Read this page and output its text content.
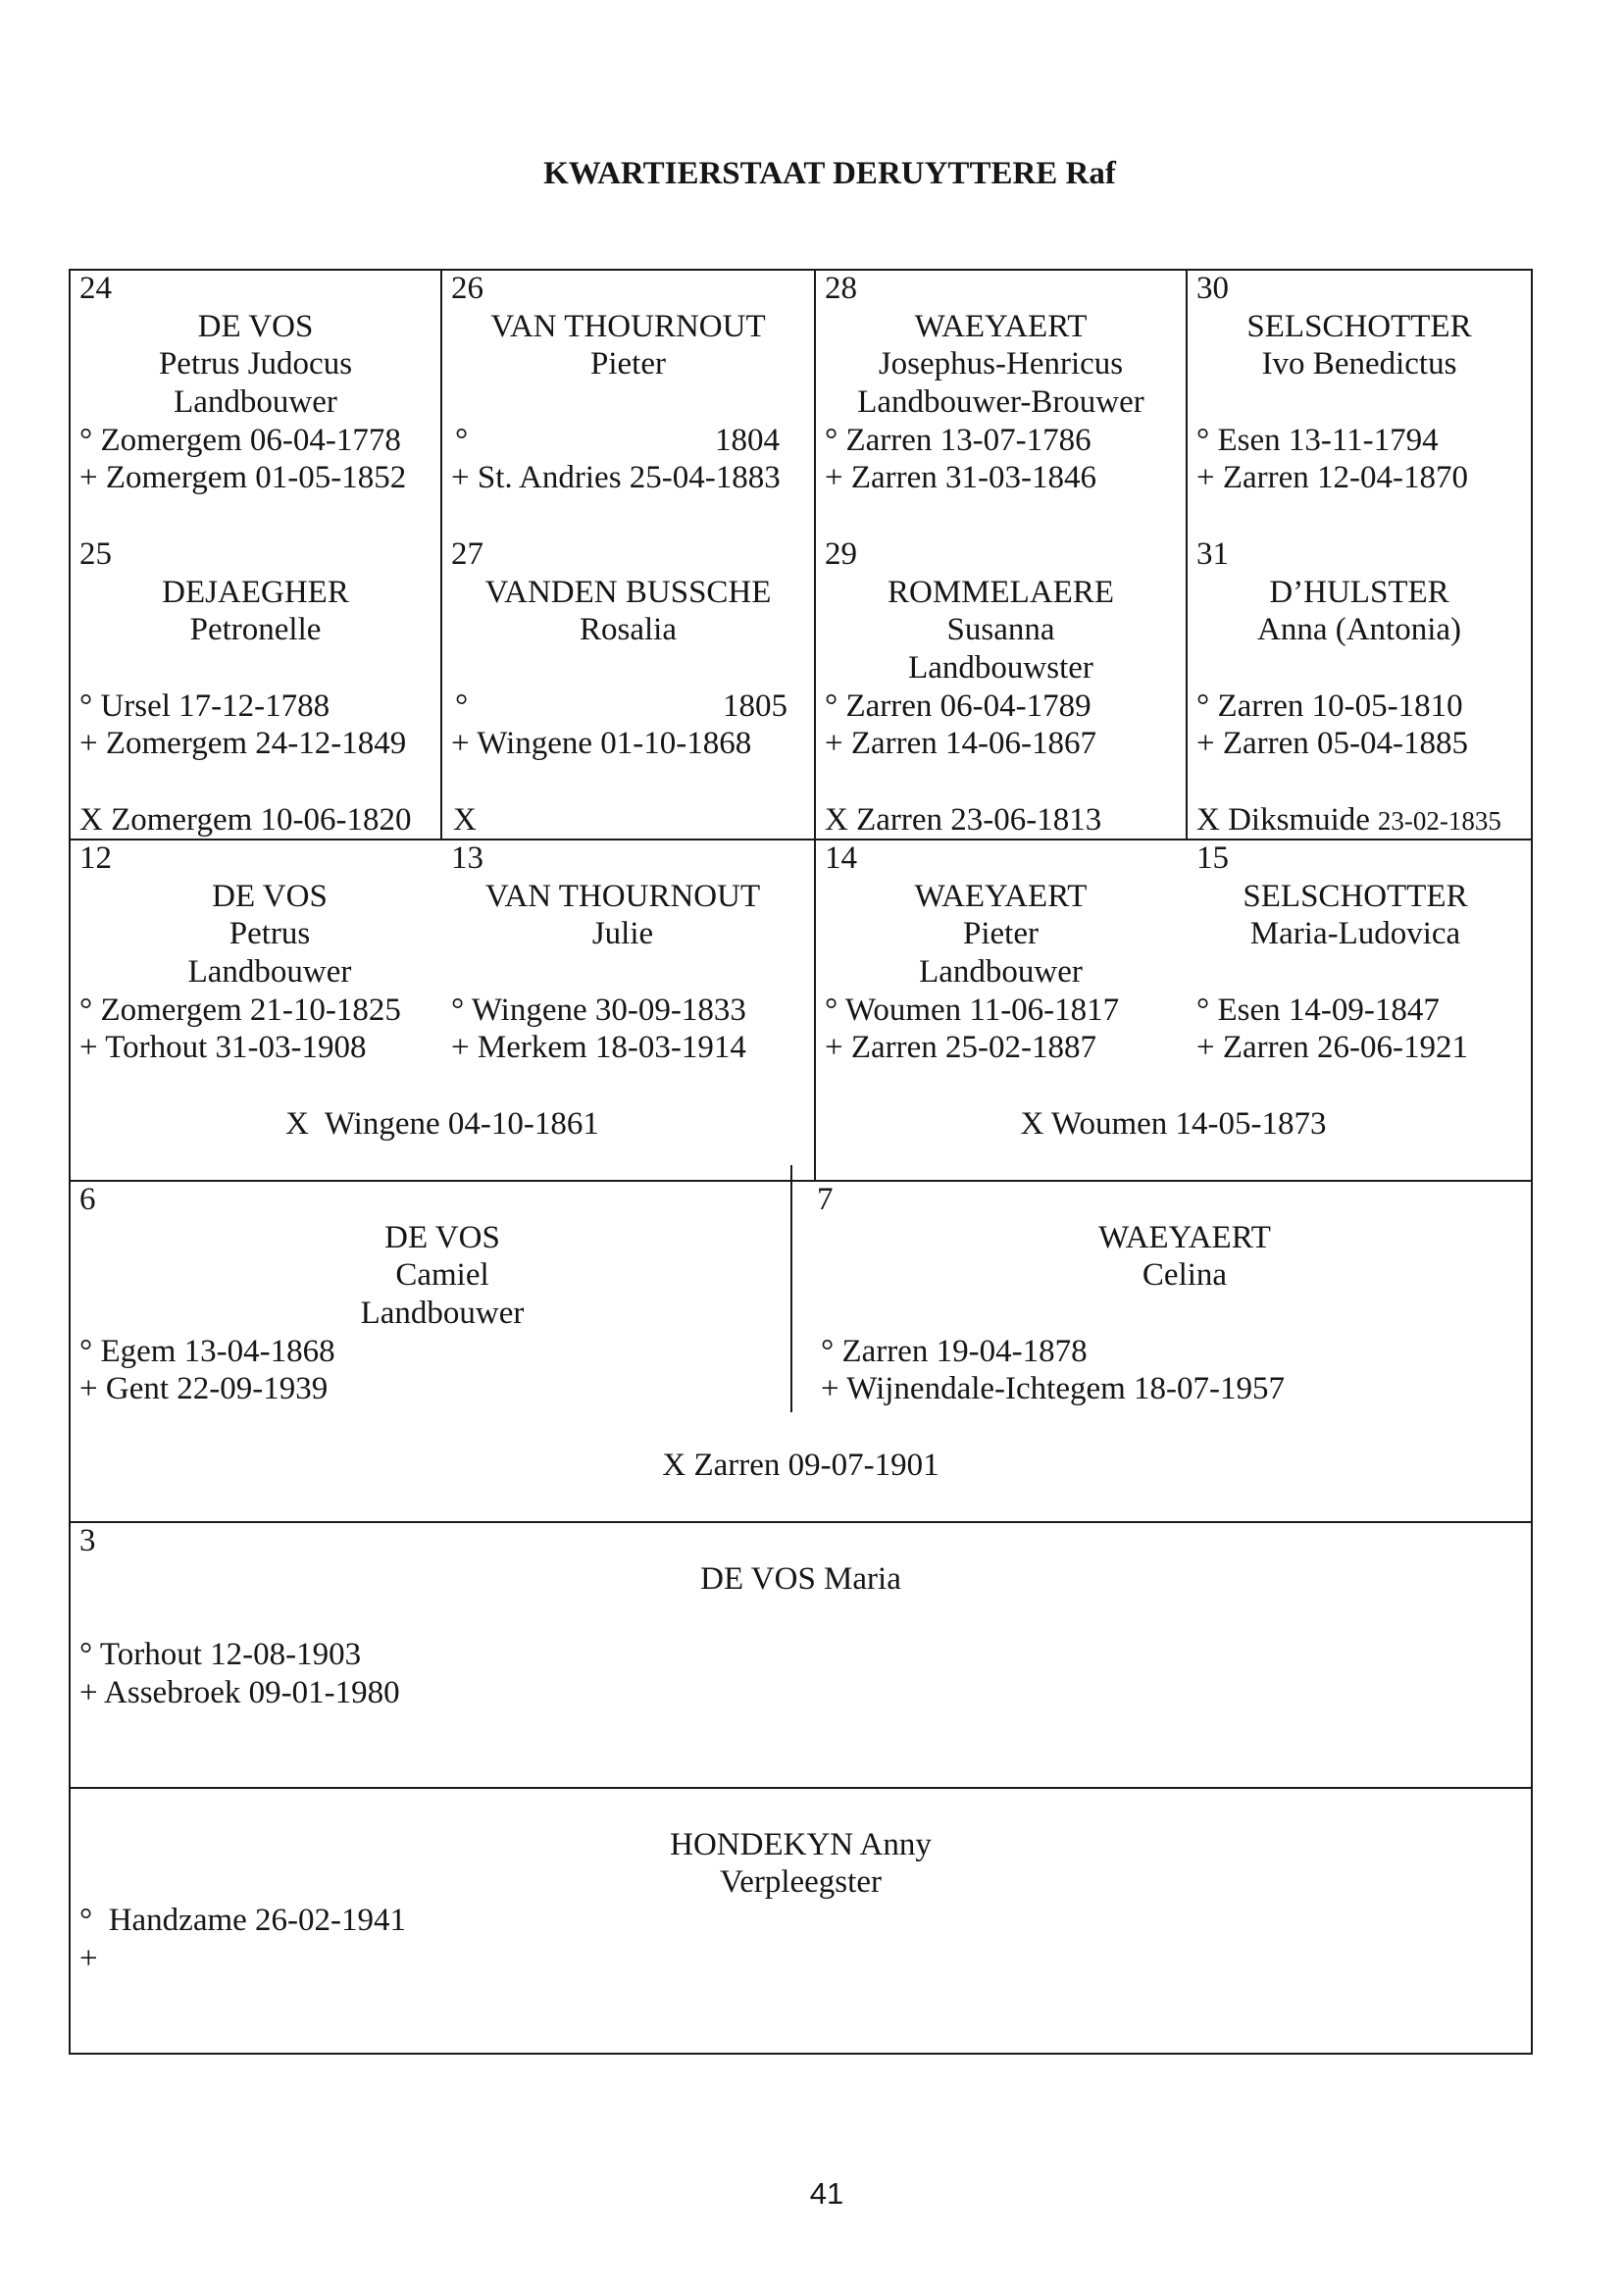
KWARTIERSTAAT DERUYTTERE Raf
24
DE VOS
Petrus Judocus
Landbouwer
° Zomergem 06-04-1778
+ Zomergem 01-05-1852
25
DEJAEGHER
Petronelle
° Ursel 17-12-1788
+ Zomergem 24-12-1849
X Zomergem 10-06-1820
26
VAN THOURNOUT
Pieter
°	1804
+ St. Andries 25-04-1883
27
VANDEN BUSSCHE
Rosalia
°	1805
+ Wingene 01-10-1868
X
28
WAEYAERT
Josephus-Henricus
Landbouwer-Brouwer
° Zarren 13-07-1786
+ Zarren 31-03-1846
29
ROMMELAERE
Susanna
Landbouwster
° Zarren 06-04-1789
+ Zarren 14-06-1867
X Zarren 23-06-1813
30
SELSCHOTTER
Ivo Benedictus
° Esen 13-11-1794
+ Zarren 12-04-1870
31
D’HULSTER
Anna (Antonia)
° Zarren 10-05-1810
+ Zarren 05-04-1885
X Diksmuide 23-02-1835
12
DE VOS
Petrus
Landbouwer
° Zomergem 21-10-1825
+ Torhout 31-03-1908
13
VAN THOURNOUT
Julie
° Wingene 30-09-1833
+ Merkem 18-03-1914
14
WAEYAERT
Pieter
Landbouwer
° Woumen 11-06-1817
+ Zarren 25-02-1887
15
SELSCHOTTER
Maria-Ludovica
° Esen 14-09-1847
+ Zarren 26-06-1921
X  Wingene 04-10-1861	X Woumen 14-05-1873
6
DE VOS
Camiel
Landbouwer
° Egem 13-04-1868
+ Gent 22-09-1939
7
WAEYAERT
Celina
° Zarren 19-04-1878
+ Wijnendale-Ichtegem 18-07-1957
X Zarren 09-07-1901
3
DE VOS Maria
° Torhout 12-08-1903
+ Assebroek 09-01-1980
HONDEKYN Anny
Verpleegster
°  Handzame 26-02-1941
+
41
